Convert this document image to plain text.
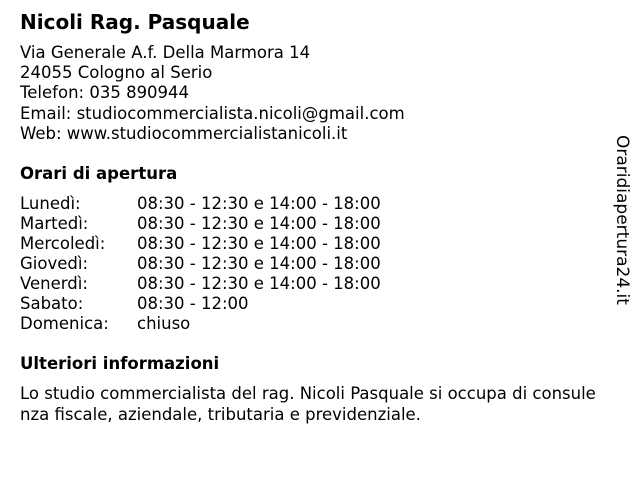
Nicoli Rag. Pasquale
Via Generale A.f. Della Marmora 14
24055 Cologno al Serio
Telefon: 035 890944
Email: studiocommercialista.nicoli@gmail.com
Web: www.studiocommercialistanicoli.it
Orari di apertura
Lunedì:	08:30 - 12:30 e 14:00 - 18:00
Martedì:	08:30 - 12:30 e 14:00 - 18:00
Mercoledì:	08:30 - 12:30 e 14:00 - 18:00
Giovedì:	08:30 - 12:30 e 14:00 - 18:00
Venerdì:	08:30 - 12:30 e 14:00 - 18:00
Sabato:	08:30 - 12:00
Domenica:	chiuso
Ulteriori informazioni

Lo studio commercialista del rag. Nicoli Pasquale si occupa di consule
nza fiscale, aziendale, tributaria e previdenziale.

Oraridiapertura24.it
